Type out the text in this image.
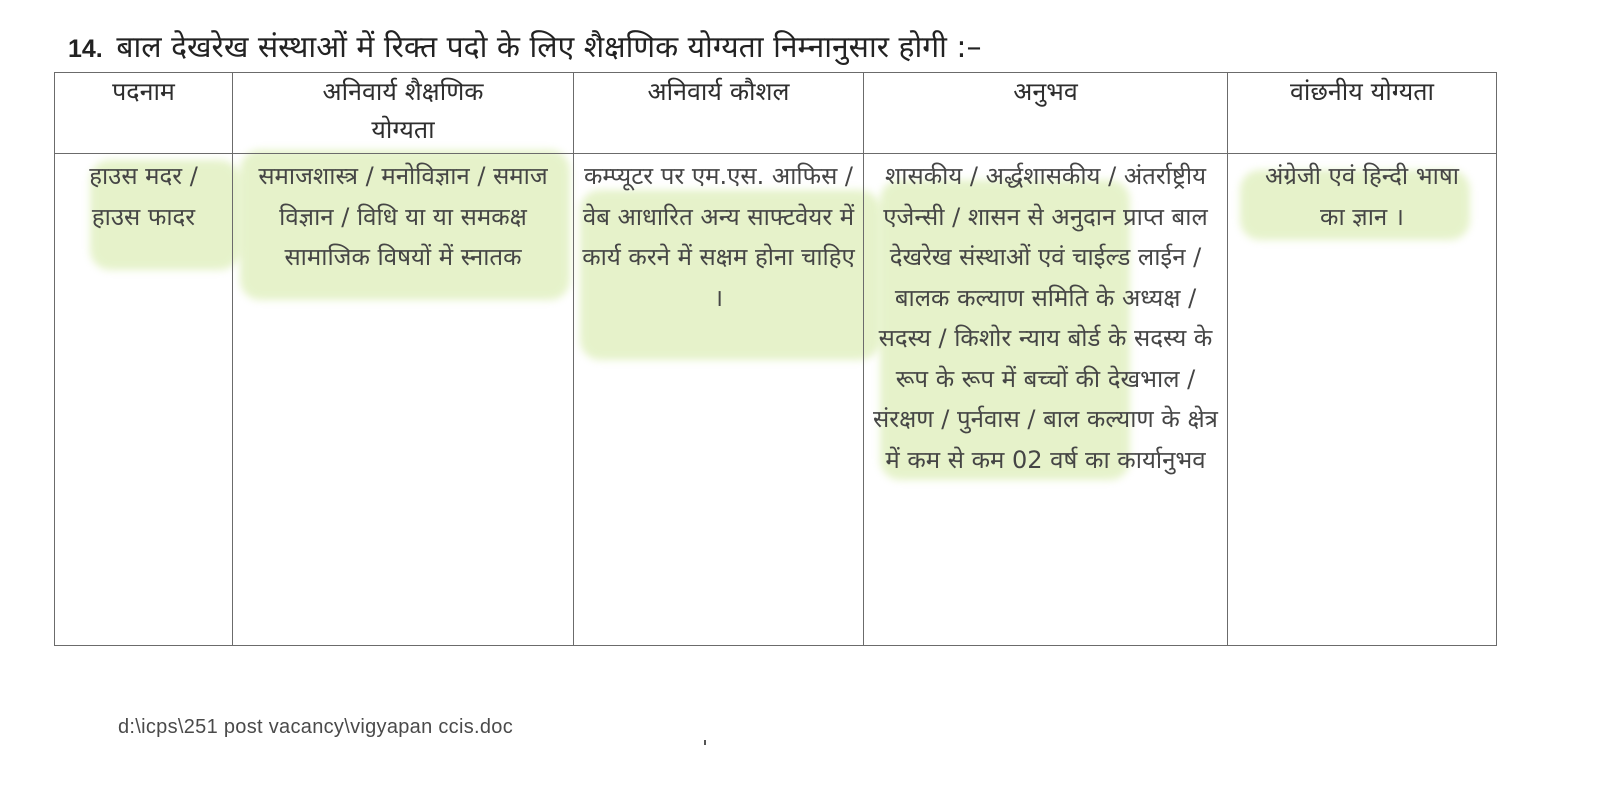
14. बाल देखरेख संस्थाओं में रिक्त पदो के लिए शैक्षणिक योग्यता निम्नानुसार होगी :–
पदनाम	अनिवार्य शैक्षणिक योग्यता	अनिवार्य कौशल	अनुभव	वांछनीय योग्यता
हाउस मदर / हाउस फादर	समाजशास्त्र / मनोविज्ञान / समाज विज्ञान / विधि या या समकक्ष सामाजिक विषयों में स्नातक	कम्प्यूटर पर एम.एस. आफिस / वेब आधारित अन्य साफ्टवेयर में कार्य करने में सक्षम होना चाहिए ।	शासकीय / अर्द्धशासकीय / अंतर्राष्ट्रीय एजेन्सी / शासन से अनुदान प्राप्त बाल देखरेख संस्थाओं एवं चाईल्ड लाईन / बालक कल्याण समिति के अध्यक्ष / सदस्य / किशोर न्याय बोर्ड के सदस्य के रूप के रूप में बच्चों की देखभाल / संरक्षण / पुर्नवास / बाल कल्याण के क्षेत्र में कम से कम 02 वर्ष का कार्यानुभव	अंग्रेजी एवं हिन्दी भाषा का ज्ञान ।
d:\icps\251 post vacancy\vigyapan ccis.doc
